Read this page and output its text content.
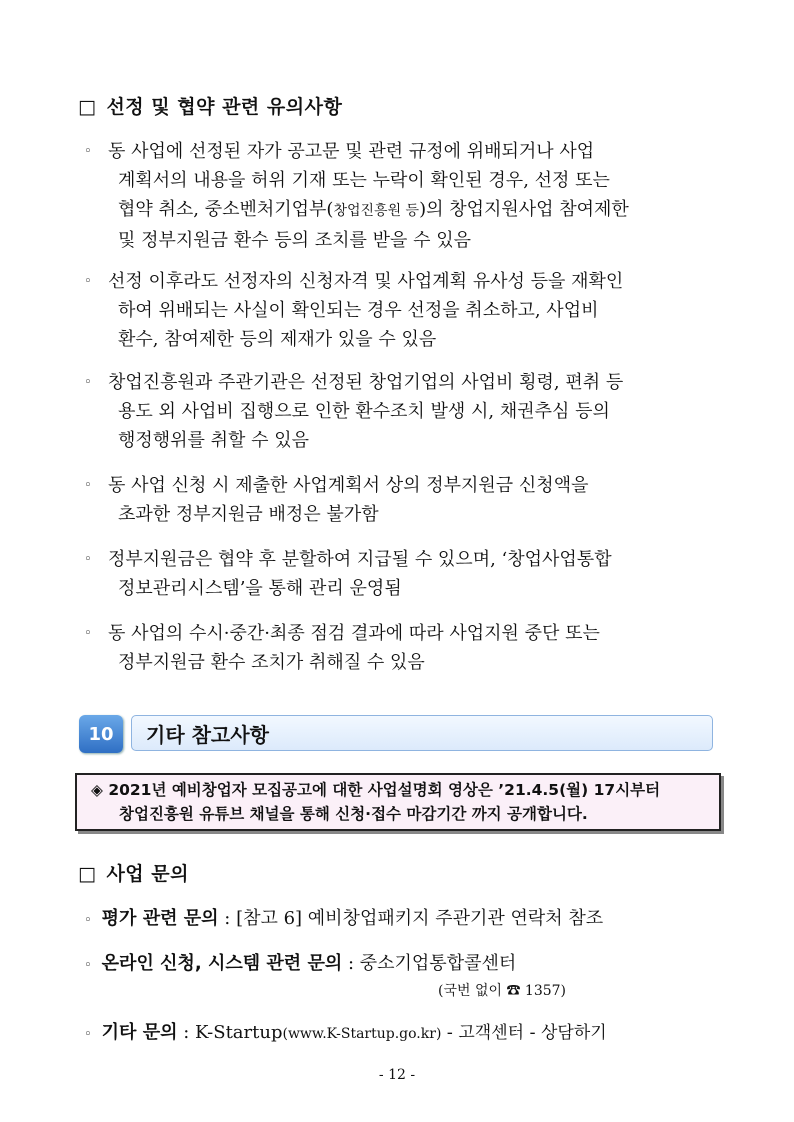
□ 선정 및 협약 관련 유의사항
◦ 동 사업에 선정된 자가 공고문 및 관련 규정에 위배되거나 사업
계획서의 내용을 허위 기재 또는 누락이 확인된 경우, 선정 또는
협약 취소, 중소벤처기업부(창업진흥원 등)의 창업지원사업 참여제한
및 정부지원금 환수 등의 조치를 받을 수 있음
◦ 선정 이후라도 선정자의 신청자격 및 사업계획 유사성 등을 재확인
하여 위배되는 사실이 확인되는 경우 선정을 취소하고, 사업비
환수, 참여제한 등의 제재가 있을 수 있음
◦ 창업진흥원과 주관기관은 선정된 창업기업의 사업비 횡령, 편취 등
용도 외 사업비 집행으로 인한 환수조치 발생 시, 채권추심 등의
행정행위를 취할 수 있음
◦ 동 사업 신청 시 제출한 사업계획서 상의 정부지원금 신청액을
초과한 정부지원금 배정은 불가함
◦ 정부지원금은 협약 후 분할하여 지급될 수 있으며, ‘창업사업통합
정보관리시스템’을 통해 관리 운영됨
◦ 동 사업의 수시·중간·최종 점검 결과에 따라 사업지원 중단 또는
정부지원금 환수 조치가 취해질 수 있음
10	기타 참고사항
◈ 2021년 예비창업자 모집공고에 대한 사업설명회 영상은 ’21.4.5(월) 17시부터
창업진흥원 유튜브 채널을 통해 신청·접수 마감기간 까지 공개합니다.
□ 사업 문의
◦ 평가 관련 문의 : [참고 6] 예비창업패키지 주관기관 연락처 참조
◦ 온라인 신청, 시스템 관련 문의 : 중소기업통합콜센터
(국번 없이 ☎ 1357)
◦ 기타 문의 : K-Startup(www.K-Startup.go.kr) - 고객센터 - 상담하기
- 12 -
